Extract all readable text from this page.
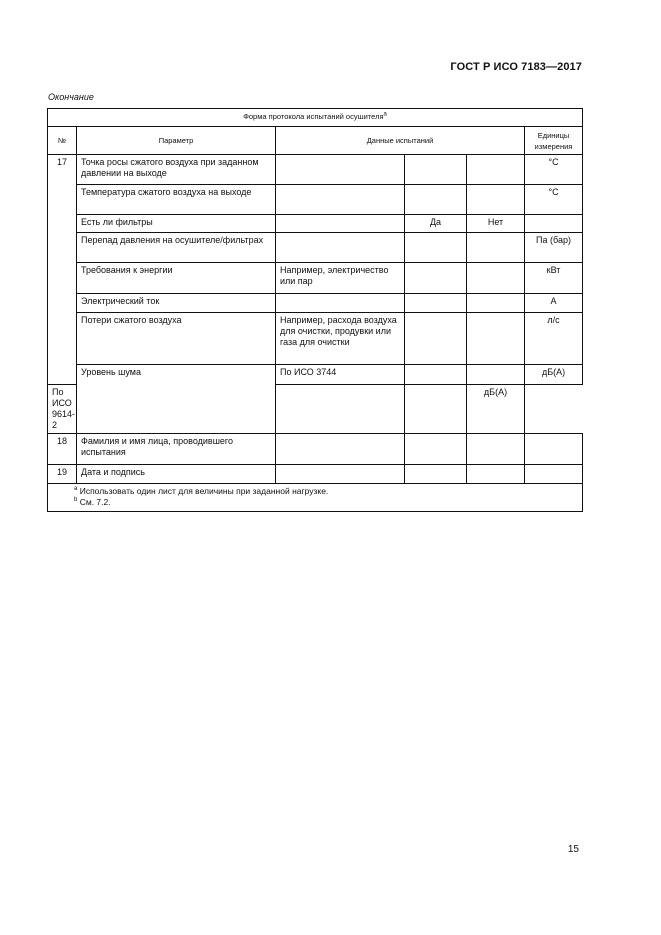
ГОСТ Р ИСО 7183—2017
Окончание
Форма протокола испытаний осушителя$^a$
№	Параметр	Данные испытаний			Единицы измерения
17	Точка росы сжатого воздуха при заданном давлении на выходе				°C
	Температура сжатого воздуха на выходе				°C
	Есть ли фильтры		Да	Нет	
	Перепад давления на осушителе/фильтрах				Па (бар)
	Требования к энергии	Например, электричество или пар			кВт
	Электрический ток				А
	Потери сжатого воздуха	Например, расхода воздуха для очистки, продувки или газа для очистки			л/с
	Уровень шума	По ИСО 3744			дБ(А)
По ИСО 9614-2				дБ(А)	
18	Фамилия и имя лица, проводившего испытания				
19	Дата и подпись				

$^a$ Использовать один лист для величины при заданной нагрузке.
$^b$ См. 7.2.					
15
